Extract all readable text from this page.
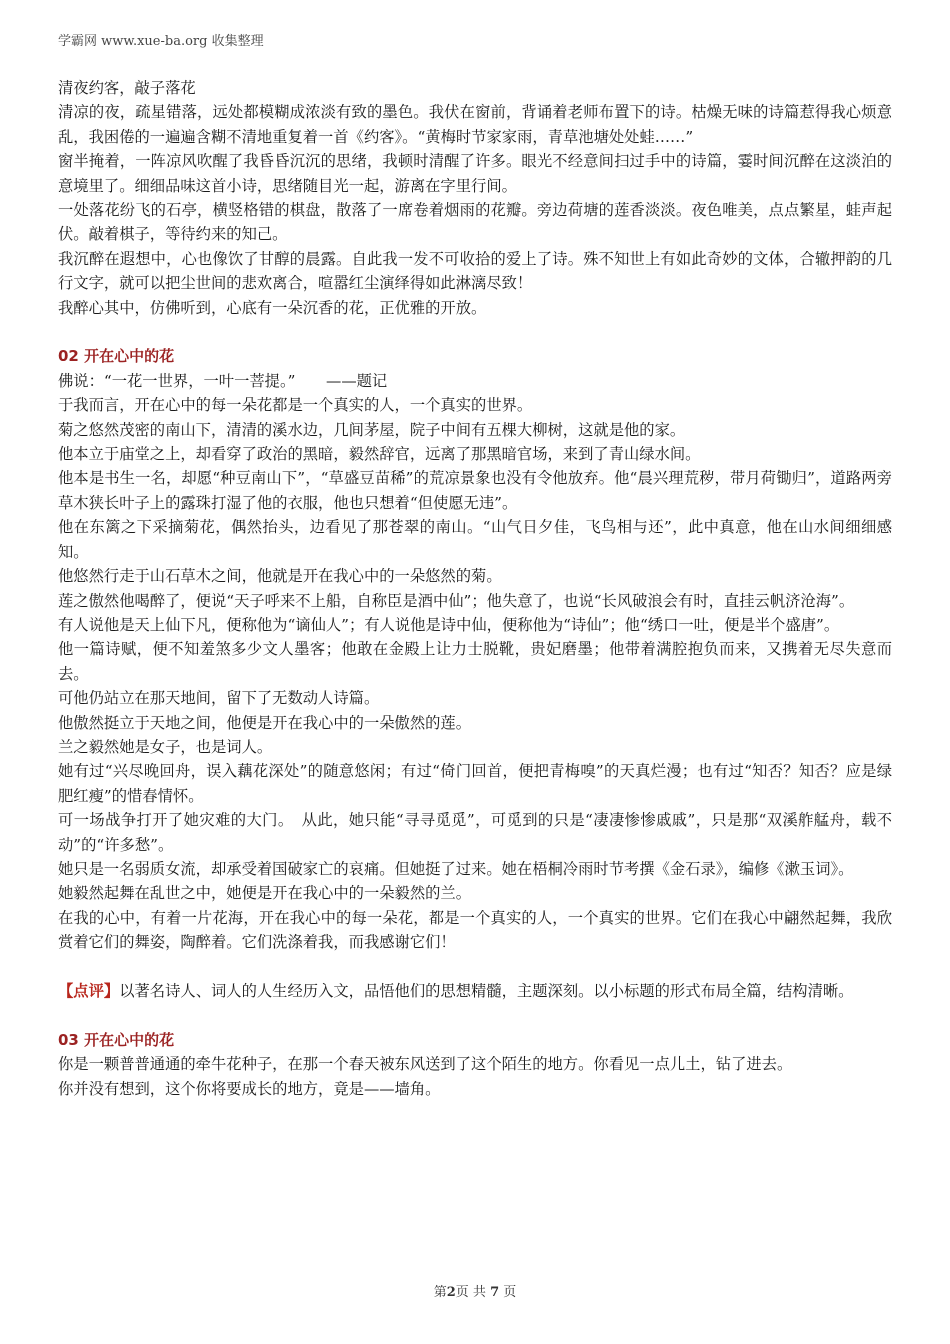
学霸网 www.xue-ba.org 收集整理

清夜约客，敲子落花

清凉的夜，疏星错落，远处都模糊成浓淡有致的墨色。我伏在窗前，背诵着老师布置下的诗。枯燥无味的诗篇惹得我心烦意乱，我困倦的一遍遍含糊不清地重复着一首《约客》。“黄梅时节家家雨，青草池塘处处蛙……”

窗半掩着，一阵凉风吹醒了我昏昏沉沉的思绪，我顿时清醒了许多。眼光不经意间扫过手中的诗篇，霎时间沉醉在这淡泊的意境里了。细细品味这首小诗，思绪随目光一起，游离在字里行间。

一处落花纷飞的石亭，横竖格错的棋盘，散落了一席卷着烟雨的花瓣。旁边荷塘的莲香淡淡。夜色唯美，点点繁星，蛙声起伏。敲着棋子，等待约来的知己。

我沉醉在遐想中，心也像饮了甘醇的晨露。自此我一发不可收拾的爱上了诗。殊不知世上有如此奇妙的文体，合辙押韵的几行文字，就可以把尘世间的悲欢离合，喧嚣红尘演绎得如此淋漓尽致！

我醉心其中，仿佛听到，心底有一朵沉香的花，正优雅的开放。

02 开在心中的花

佛说：“一花一世界，一叶一菩提。”　　——题记

于我而言，开在心中的每一朵花都是一个真实的人，一个真实的世界。

菊之悠然茂密的南山下，清清的溪水边，几间茅屋，院子中间有五棵大柳树，这就是他的家。

他本立于庙堂之上，却看穿了政治的黑暗，毅然辞官，远离了那黑暗官场，来到了青山绿水间。

他本是书生一名，却愿“种豆南山下”，“草盛豆苗稀”的荒凉景象也没有令他放弃。他“晨兴理荒秽，带月荷锄归”，道路两旁草木狭长叶子上的露珠打湿了他的衣服，他也只想着“但使愿无违”。

他在东篱之下采摘菊花，偶然抬头，边看见了那苍翠的南山。“山气日夕佳，飞鸟相与还”，此中真意，他在山水间细细感知。

他悠然行走于山石草木之间，他就是开在我心中的一朵悠然的菊。

莲之傲然他喝醉了，便说“天子呼来不上船，自称臣是酒中仙”；他失意了，也说“长风破浪会有时，直挂云帆济沧海”。

有人说他是天上仙下凡，便称他为“谪仙人”；有人说他是诗中仙，便称他为“诗仙”；他“绣口一吐，便是半个盛唐”。

他一篇诗赋，便不知羞煞多少文人墨客；他敢在金殿上让力士脱靴，贵妃磨墨；他带着满腔抱负而来，又携着无尽失意而去。

可他仍站立在那天地间，留下了无数动人诗篇。

他傲然挺立于天地之间，他便是开在我心中的一朵傲然的莲。

兰之毅然她是女子，也是词人。

她有过“兴尽晚回舟，误入藕花深处”的随意悠闲；有过“倚门回首，便把青梅嗅”的天真烂漫；也有过“知否？知否？应是绿肥红瘦”的惜春情怀。

可一场战争打开了她灾难的大门。　从此，她只能“寻寻觅觅”，可觅到的只是“凄凄惨惨戚戚”，只是那“双溪舴艋舟，载不动”的“许多愁”。

她只是一名弱质女流，却承受着国破家亡的哀痛。但她挺了过来。她在梧桐冷雨时节考撰《金石录》，编修《漱玉词》。

她毅然起舞在乱世之中，她便是开在我心中的一朵毅然的兰。

在我的心中，有着一片花海，开在我心中的每一朵花，都是一个真实的人，一个真实的世界。它们在我心中翩然起舞，我欣赏着它们的舞姿，陶醉着。它们洗涤着我，而我感谢它们！

【点评】以著名诗人、词人的人生经历入文，品悟他们的思想精髓，主题深刻。以小标题的形式布局全篇，结构清晰。

03 开在心中的花

你是一颗普普通通的牵牛花种子，在那一个春天被东风送到了这个陌生的地方。你看见一点儿土，钻了进去。

你并没有想到，这个你将要成长的地方，竟是——墙角。

第2页 共 7 页
